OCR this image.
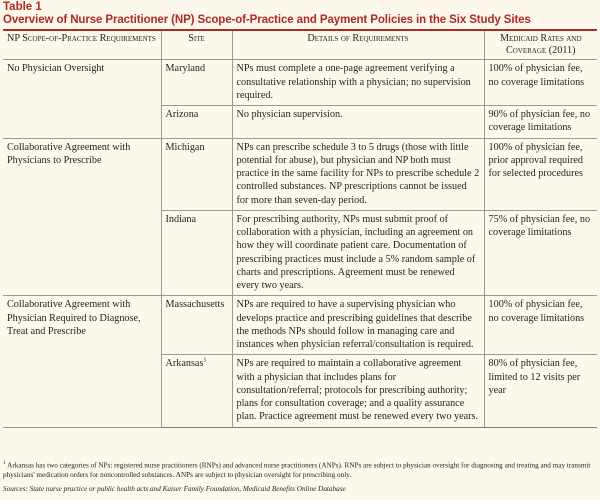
Table 1
Overview of Nurse Practitioner (NP) Scope-of-Practice and Payment Policies in the Six Study Sites
NP Scope-of-Practice Requirements	Site	Details of Requirements	Medicaid Rates and Coverage (2011)
No Physician Oversight	Maryland	NPs must complete a one-page agreement verifying a consultative relationship with a physician; no supervision required.	100% of physician fee, no coverage limitations
	Arizona	No physician supervision.	90% of physician fee, no coverage limitations
Collaborative Agreement with Physicians to Prescribe	Michigan	NPs can prescribe schedule 3 to 5 drugs (those with little potential for abuse), but physician and NP both must practice in the same facility for NPs to prescribe schedule 2 controlled substances. NP prescriptions cannot be issued for more than seven-day period.	100% of physician fee, prior approval required for selected procedures
	Indiana	For prescribing authority, NPs must submit proof of collaboration with a physician, including an agreement on how they will coordinate patient care. Documentation of prescribing practices must include a 5% random sample of charts and prescriptions. Agreement must be renewed every two years.	75% of physician fee, no coverage limitations
Collaborative Agreement with Physician Required to Diagnose, Treat and Prescribe	Massachusetts	NPs are required to have a supervising physician who develops practice and prescribing guidelines that describe the methods NPs should follow in managing care and instances when physician referral/consultation is required.	100% of physician fee, no coverage limitations
	Arkansas$^1$	NPs are required to maintain a collaborative agreement with a physician that includes plans for consultation/referral; protocols for prescribing authority; plans for consultation coverage; and a quality assurance plan. Practice agreement must be renewed every two years.	80% of physician fee, limited to 12 visits per year
$^1$ Arkansas has two categories of NPs: registered nurse practitioners (RNPs) and advanced nurse practitioners (ANPs). RNPs are subject to physician oversight for diagnosing and treating and may transmit physicians' medication orders for noncontrolled substances. ANPs are subject to physician oversight for prescribing only.
Sources: State nurse practice or public health acts and Kaiser Family Foundation, Medicaid Benefits Online Database
